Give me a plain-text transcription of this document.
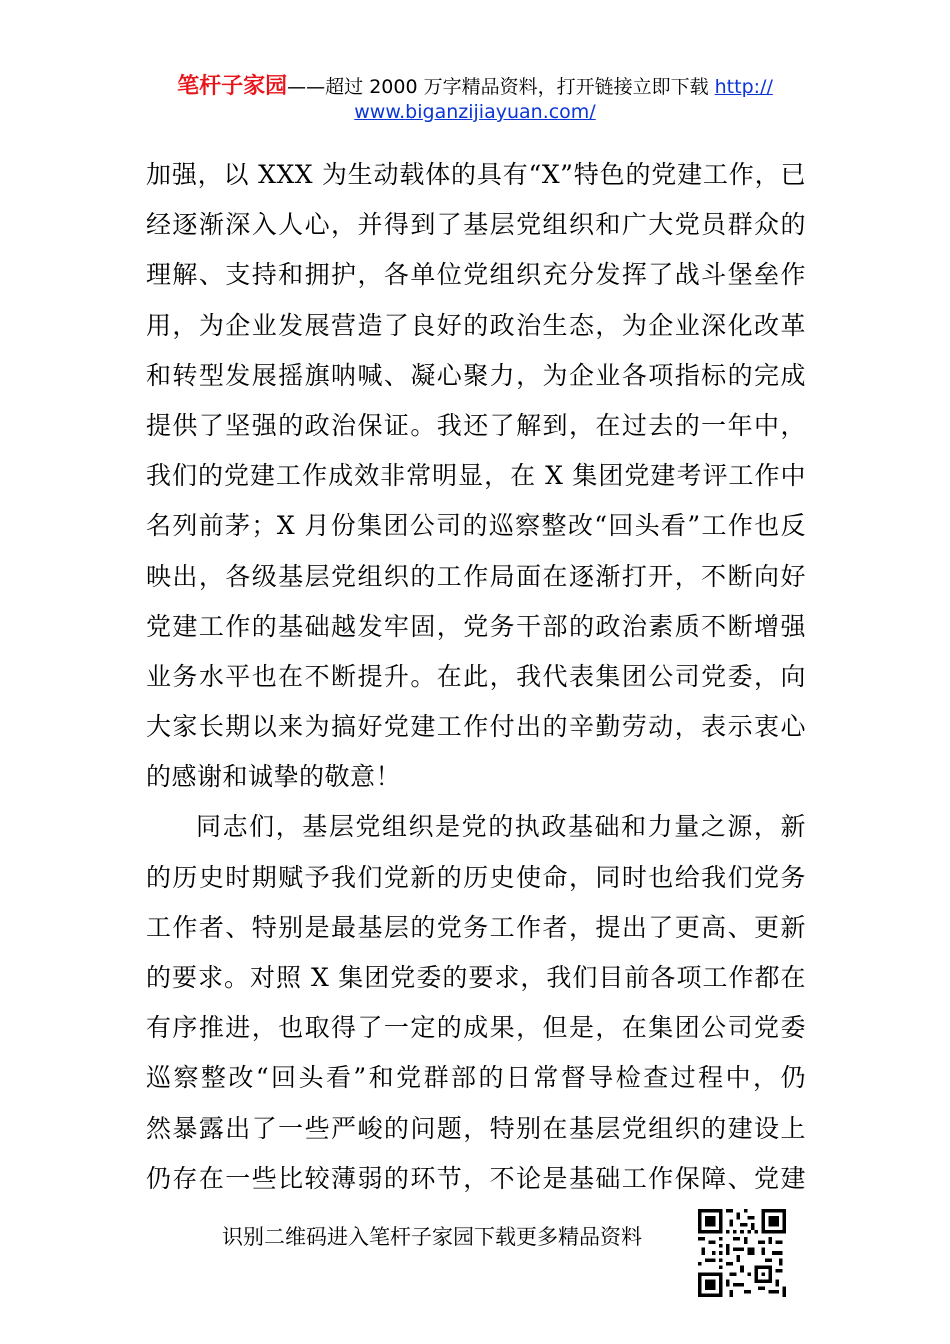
笔杆子家园——超过 2000 万字精品资料，打开链接立即下载 http://
www.biganzijiayuan.com/
加强，以 XXX 为生动载体的具有“X”特色的党建工作，已
经逐渐深入人心，并得到了基层党组织和广大党员群众的
理解、支持和拥护，各单位党组织充分发挥了战斗堡垒作
用，为企业发展营造了良好的政治生态，为企业深化改革
和转型发展摇旗呐喊、凝心聚力，为企业各项指标的完成
提供了坚强的政治保证。我还了解到，在过去的一年中，
我们的党建工作成效非常明显，在 X 集团党建考评工作中
名列前茅；X 月份集团公司的巡察整改“回头看”工作也反
映出，各级基层党组织的工作局面在逐渐打开，不断向好
党建工作的基础越发牢固，党务干部的政治素质不断增强
业务水平也在不断提升。在此，我代表集团公司党委，向
大家长期以来为搞好党建工作付出的辛勤劳动，表示衷心
的感谢和诚挚的敬意！
同志们，基层党组织是党的执政基础和力量之源，新
的历史时期赋予我们党新的历史使命，同时也给我们党务
工作者、特别是最基层的党务工作者，提出了更高、更新
的要求。对照 X 集团党委的要求，我们目前各项工作都在
有序推进，也取得了一定的成果，但是，在集团公司党委
巡察整改“回头看”和党群部的日常督导检查过程中，仍
然暴露出了一些严峻的问题，特别在基层党组织的建设上
仍存在一些比较薄弱的环节，不论是基础工作保障、党建
识别二维码进入笔杆子家园下载更多精品资料
